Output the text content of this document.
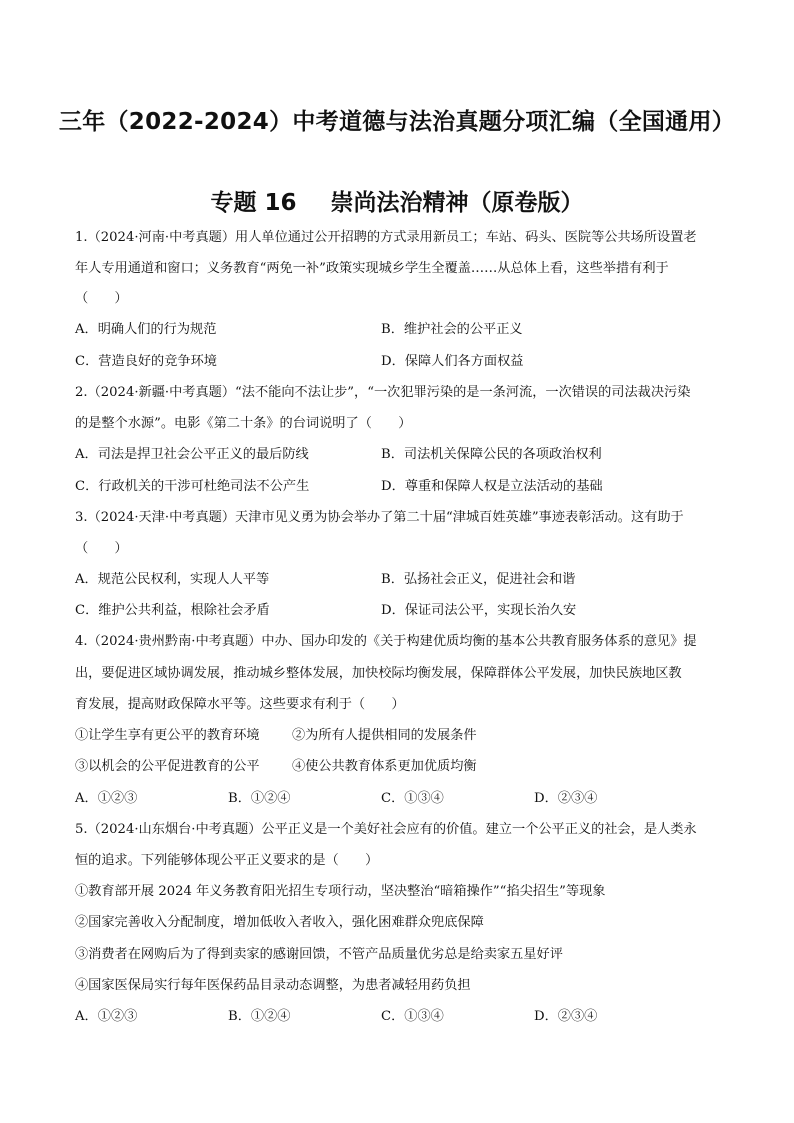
三年（2022-2024）中考道德与法治真题分项汇编（全国通用）
专题 16 崇尚法治精神（原卷版）
1.（2024·河南·中考真题）用人单位通过公开招聘的方式录用新员工；车站、码头、医院等公共场所设置老
年人专用通道和窗口；义务教育“两免一补”政策实现城乡学生全覆盖……从总体上看，这些举措有利于
（　　）
A．明确人们的行为规范	B．维护社会的公平正义
C．营造良好的竞争环境	D．保障人们各方面权益
2.（2024·新疆·中考真题）“法不能向不法让步”，“一次犯罪污染的是一条河流，一次错误的司法裁决污染
的是整个水源”。电影《第二十条》的台词说明了（　　）
A．司法是捍卫社会公平正义的最后防线	B．司法机关保障公民的各项政治权利
C．行政机关的干涉可杜绝司法不公产生	D．尊重和保障人权是立法活动的基础
3.（2024·天津·中考真题）天津市见义勇为协会举办了第二十届“津城百姓英雄”事迹表彰活动。这有助于
（　　）
A．规范公民权利，实现人人平等	B．弘扬社会正义，促进社会和谐
C．维护公共利益，根除社会矛盾	D．保证司法公平，实现长治久安
4.（2024·贵州黔南·中考真题）中办、国办印发的《关于构建优质均衡的基本公共教育服务体系的意见》提
出，要促进区域协调发展，推动城乡整体发展，加快校际均衡发展，保障群体公平发展，加快民族地区教
育发展，提高财政保障水平等。这些要求有利于（　　）
①让学生享有更公平的教育环境 ②为所有人提供相同的发展条件
③以机会的公平促进教育的公平 ④使公共教育体系更加优质均衡
A．①②③	B．①②④	C．①③④	D．②③④
5.（2024·山东烟台·中考真题）公平正义是一个美好社会应有的价值。建立一个公平正义的社会，是人类永
恒的追求。下列能够体现公平正义要求的是（　　）
①教育部开展 2024 年义务教育阳光招生专项行动，坚决整治“暗箱操作”“掐尖招生”等现象
②国家完善收入分配制度，增加低收入者收入，强化困难群众兜底保障
③消费者在网购后为了得到卖家的感谢回馈，不管产品质量优劣总是给卖家五星好评
④国家医保局实行每年医保药品目录动态调整，为患者减轻用药负担
A．①②③	B．①②④	C．①③④	D．②③④
